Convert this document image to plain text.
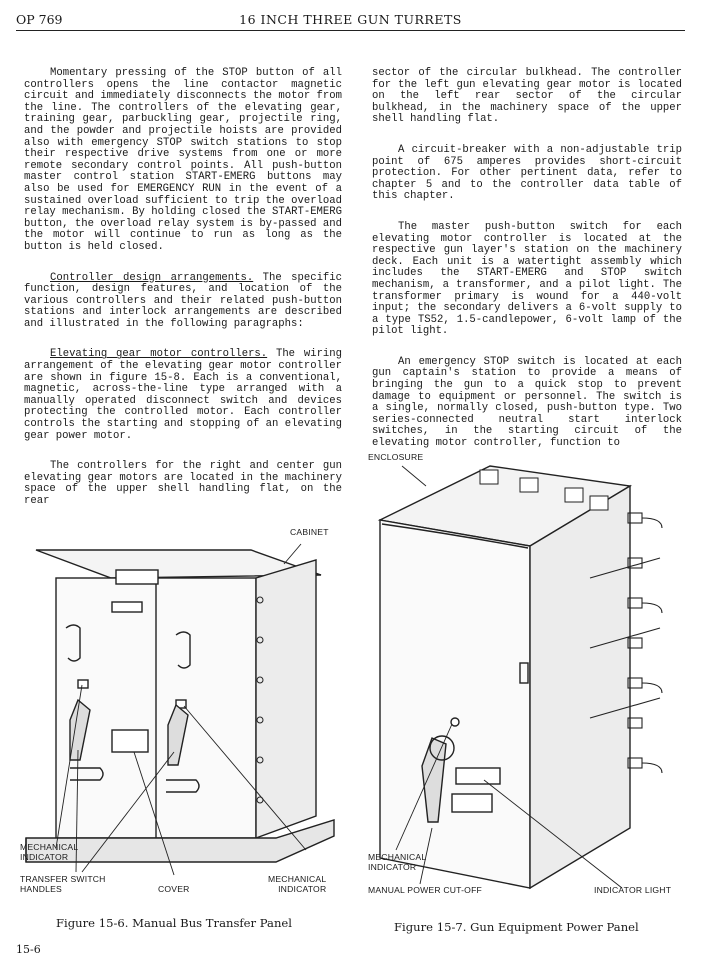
OP 769	16 INCH THREE GUN TURRETS

Momentary pressing of the STOP button of all controllers opens the line contactor magnetic circuit and immediately disconnects the motor from the line. The controllers of the elevating gear, training gear, parbuckling gear, projectile ring, and the powder and projectile hoists are provided also with emergency STOP switch stations to stop their respective drive systems from one or more remote secondary control points. All push-button master control station START-EMERG buttons may also be used for EMERGENCY RUN in the event of a sustained overload sufficient to trip the overload relay mechanism. By holding closed the START-EMERG button, the overload relay system is by-passed and the motor will continue to run as long as the button is held closed.

Controller design arrangements. The specific function, design features, and location of the various controllers and their related push-button stations and interlock arrangements are described and illustrated in the following paragraphs:

Elevating gear motor controllers. The wiring arrangement of the elevating gear motor controller are shown in figure 15-8. Each is a conventional, magnetic, across-the-line type arranged with a manually operated disconnect switch and devices protecting the controlled motor. Each controller controls the starting and stopping of an elevating gear power motor.

The controllers for the right and center gun elevating gear motors are located in the machinery space of the upper shell handling flat, on the rear

sector of the circular bulkhead. The controller for the left gun elevating gear motor is located on the left rear sector of the circular bulkhead, in the machinery space of the upper shell handling flat.

A circuit-breaker with a non-adjustable trip point of 675 amperes provides short-circuit protection. For other pertinent data, refer to chapter 5 and to the controller data table of this chapter.

The master push-button switch for each elevating motor controller is located at the respective gun layer's station on the machinery deck. Each unit is a watertight assembly which includes the START-EMERG and STOP switch mechanism, a transformer, and a pilot light. The transformer primary is wound for a 440-volt input; the secondary delivers a 6-volt supply to a type TS52, 1.5-candlepower, 6-volt lamp of the pilot light.

An emergency STOP switch is located at each gun captain's station to provide a means of bringing the gun to a quick stop to prevent damage to equipment or personnel. The switch is a single, normally closed, push-button type. Two series-connected neutral start interlock switches, in the starting circuit of the elevating motor controller, function to

CABINET
MECHANICAL
INDICATOR
TRANSFER SWITCH
HANDLES	COVER
MECHANICAL
INDICATOR
Figure 15-6. Manual Bus Transfer Panel
ENCLOSURE
MECHANICAL
INDICATOR
MANUAL POWER CUT-OFF	INDICATOR LIGHT
Figure 15-7. Gun Equipment Power Panel
15-6
